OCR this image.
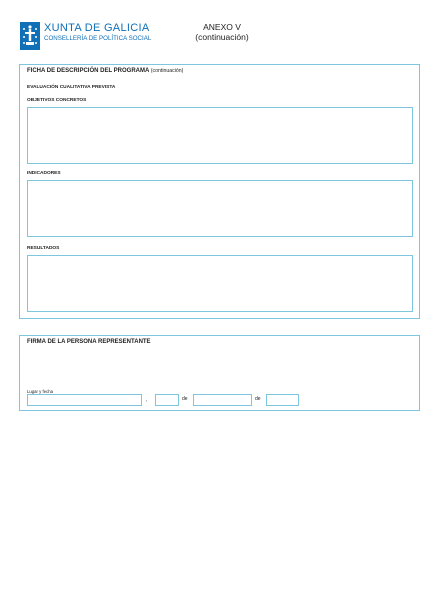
XUNTA DE GALICIA
CONSELLERÍA DE POLÍTICA SOCIAL
ANEXO V
(continuación)
FICHA DE DESCRIPCIÓN DEL PROGRAMA (continuación)
EVALUACIÓN CUALITATIVA PREVISTA
OBJETIVOS CONCRETOS
INDICADORES
RESULTADOS
FIRMA DE LA PERSONA REPRESENTANTE
Lugar y fecha
,	de	de
